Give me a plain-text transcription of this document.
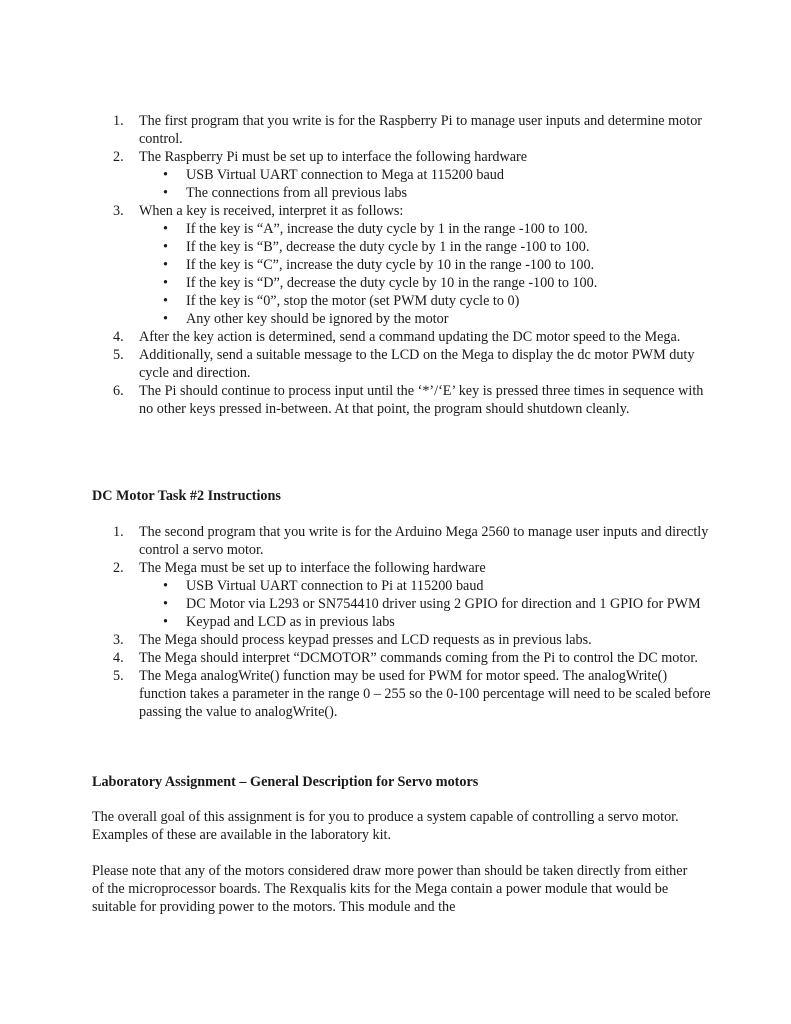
1. The first program that you write is for the Raspberry Pi to manage user inputs and determine motor control.
2. The Raspberry Pi must be set up to interface the following hardware
• USB Virtual UART connection to Mega at 115200 baud
• The connections from all previous labs
3. When a key is received, interpret it as follows:
• If the key is “A”, increase the duty cycle by 1 in the range -100 to 100.
• If the key is “B”, decrease the duty cycle by 1 in the range -100 to 100.
• If the key is “C”, increase the duty cycle by 10 in the range -100 to 100.
• If the key is “D”, decrease the duty cycle by 10 in the range -100 to 100.
• If the key is “0”, stop the motor (set PWM duty cycle to 0)
• Any other key should be ignored by the motor
4. After the key action is determined, send a command updating the DC motor speed to the Mega.
5. Additionally, send a suitable message to the LCD on the Mega to display the dc motor PWM duty cycle and direction.
6. The Pi should continue to process input until the ‘*’/‘E’ key is pressed three times in sequence with no other keys pressed in-between. At that point, the program should shutdown cleanly.
DC Motor Task #2 Instructions
1. The second program that you write is for the Arduino Mega 2560 to manage user inputs and directly control a servo motor.
2. The Mega must be set up to interface the following hardware
• USB Virtual UART connection to Pi at 115200 baud
• DC Motor via L293 or SN754410 driver using 2 GPIO for direction and 1 GPIO for PWM
• Keypad and LCD as in previous labs
3. The Mega should process keypad presses and LCD requests as in previous labs.
4. The Mega should interpret “DCMOTOR” commands coming from the Pi to control the DC motor.
5. The Mega analogWrite() function may be used for PWM for motor speed. The analogWrite() function takes a parameter in the range 0 – 255 so the 0-100 percentage will need to be scaled before passing the value to analogWrite().
Laboratory Assignment – General Description for Servo motors
The overall goal of this assignment is for you to produce a system capable of controlling a servo motor. Examples of these are available in the laboratory kit.
Please note that any of the motors considered draw more power than should be taken directly from either of the microprocessor boards. The Rexqualis kits for the Mega contain a power module that would be suitable for providing power to the motors. This module and the
